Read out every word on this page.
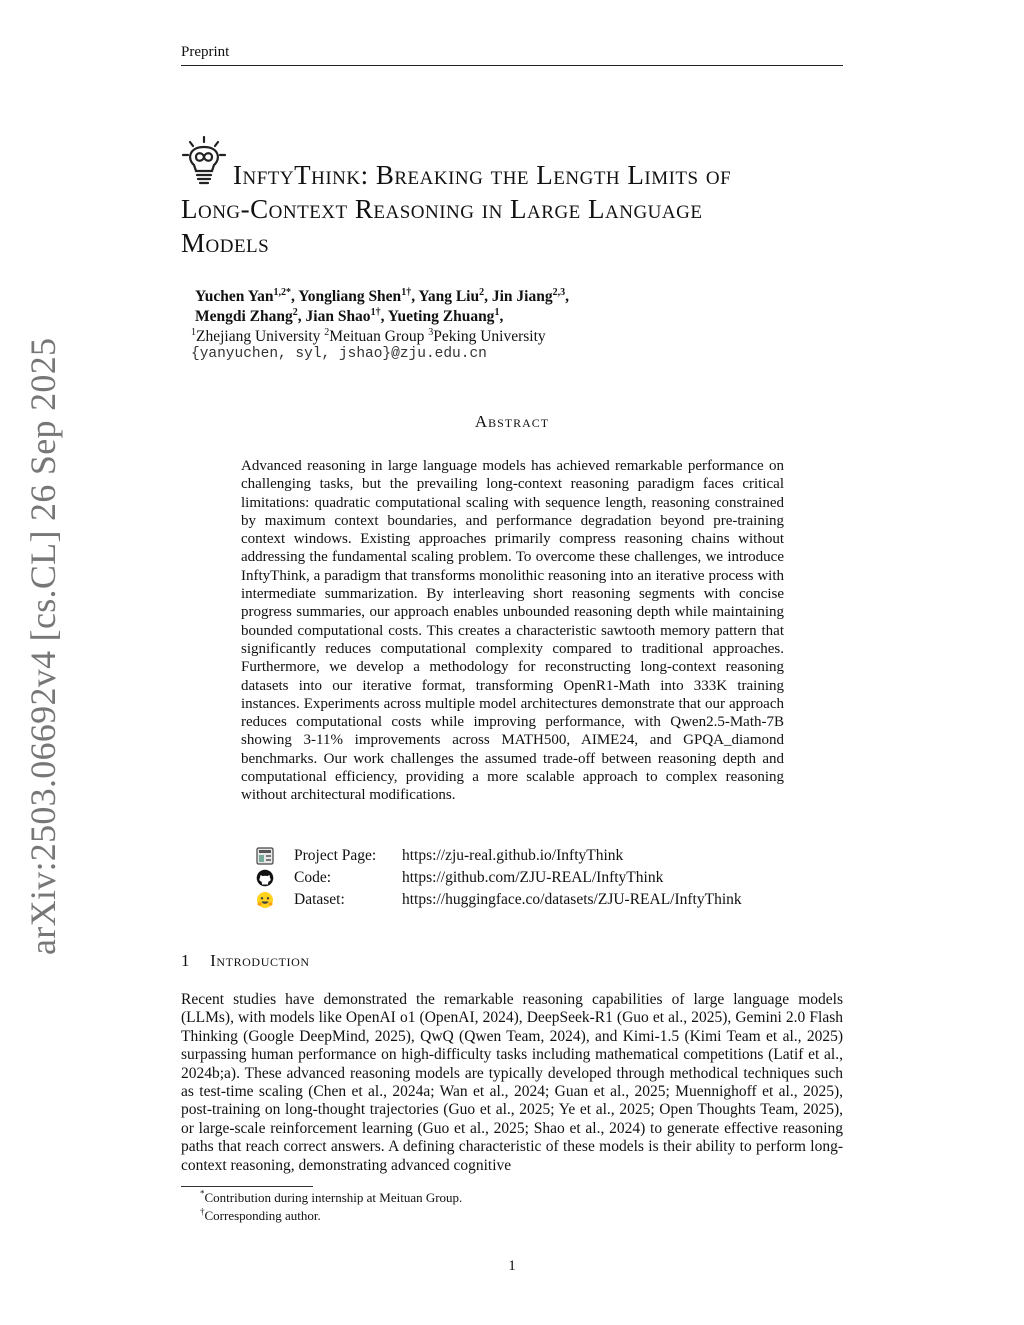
Preprint
arXiv:2503.06692v4 [cs.CL] 26 Sep 2025
InftyThink: Breaking the Length Limits of
Long-Context Reasoning in Large Language
Models
Yuchen Yan$^{1,2*}$, Yongliang Shen$^{1\dagger}$, Yang Liu$^2$, Jin Jiang$^{2,3}$,
Mengdi Zhang$^2$, Jian Shao$^{1\dagger}$, Yueting Zhuang$^1$,
$^1$Zhejiang University $^2$Meituan Group $^3$Peking University
{yanyuchen, syl, jshao}@zju.edu.cn
Abstract
Advanced reasoning in large language models has achieved remarkable performance on challenging tasks, but the prevailing long-context reasoning paradigm faces critical limitations: quadratic computational scaling with sequence length, reasoning constrained by maximum context boundaries, and performance degradation beyond pre-training context windows. Existing approaches primarily compress reasoning chains without addressing the fundamental scaling problem. To overcome these challenges, we introduce InftyThink, a paradigm that transforms monolithic reasoning into an iterative process with intermediate summarization. By interleaving short reasoning segments with concise progress summaries, our approach enables unbounded reasoning depth while maintaining bounded computational costs. This creates a characteristic sawtooth memory pattern that significantly reduces computational complexity compared to traditional approaches. Furthermore, we develop a methodology for reconstructing long-context reasoning datasets into our iterative format, transforming OpenR1-Math into 333K training instances. Experiments across multiple model architectures demonstrate that our approach reduces computational costs while improving performance, with Qwen2.5-Math-7B showing 3-11% improvements across MATH500, AIME24, and GPQA_diamond benchmarks. Our work challenges the assumed trade-off between reasoning depth and computational efficiency, providing a more scalable approach to complex reasoning without architectural modifications.
Project Page: https://zju-real.github.io/InftyThink
Code:	https://github.com/ZJU-REAL/InftyThink
Dataset:	https://huggingface.co/datasets/ZJU-REAL/InftyThink
1 Introduction
Recent studies have demonstrated the remarkable reasoning capabilities of large language models (LLMs), with models like OpenAI o1 (OpenAI, 2024), DeepSeek-R1 (Guo et al., 2025), Gemini 2.0 Flash Thinking (Google DeepMind, 2025), QwQ (Qwen Team, 2024), and Kimi-1.5 (Kimi Team et al., 2025) surpassing human performance on high-difficulty tasks including mathematical competitions (Latif et al., 2024b;a). These advanced reasoning models are typically developed through methodical techniques such as test-time scaling (Chen et al., 2024a; Wan et al., 2024; Guan et al., 2025; Muennighoff et al., 2025), post-training on long-thought trajectories (Guo et al., 2025; Ye et al., 2025; Open Thoughts Team, 2025), or large-scale reinforcement learning (Guo et al., 2025; Shao et al., 2024) to generate effective reasoning paths that reach correct answers. A defining characteristic of these models is their ability to perform long-context reasoning, demonstrating advanced cognitive
*Contribution during internship at Meituan Group.
†Corresponding author.
1
